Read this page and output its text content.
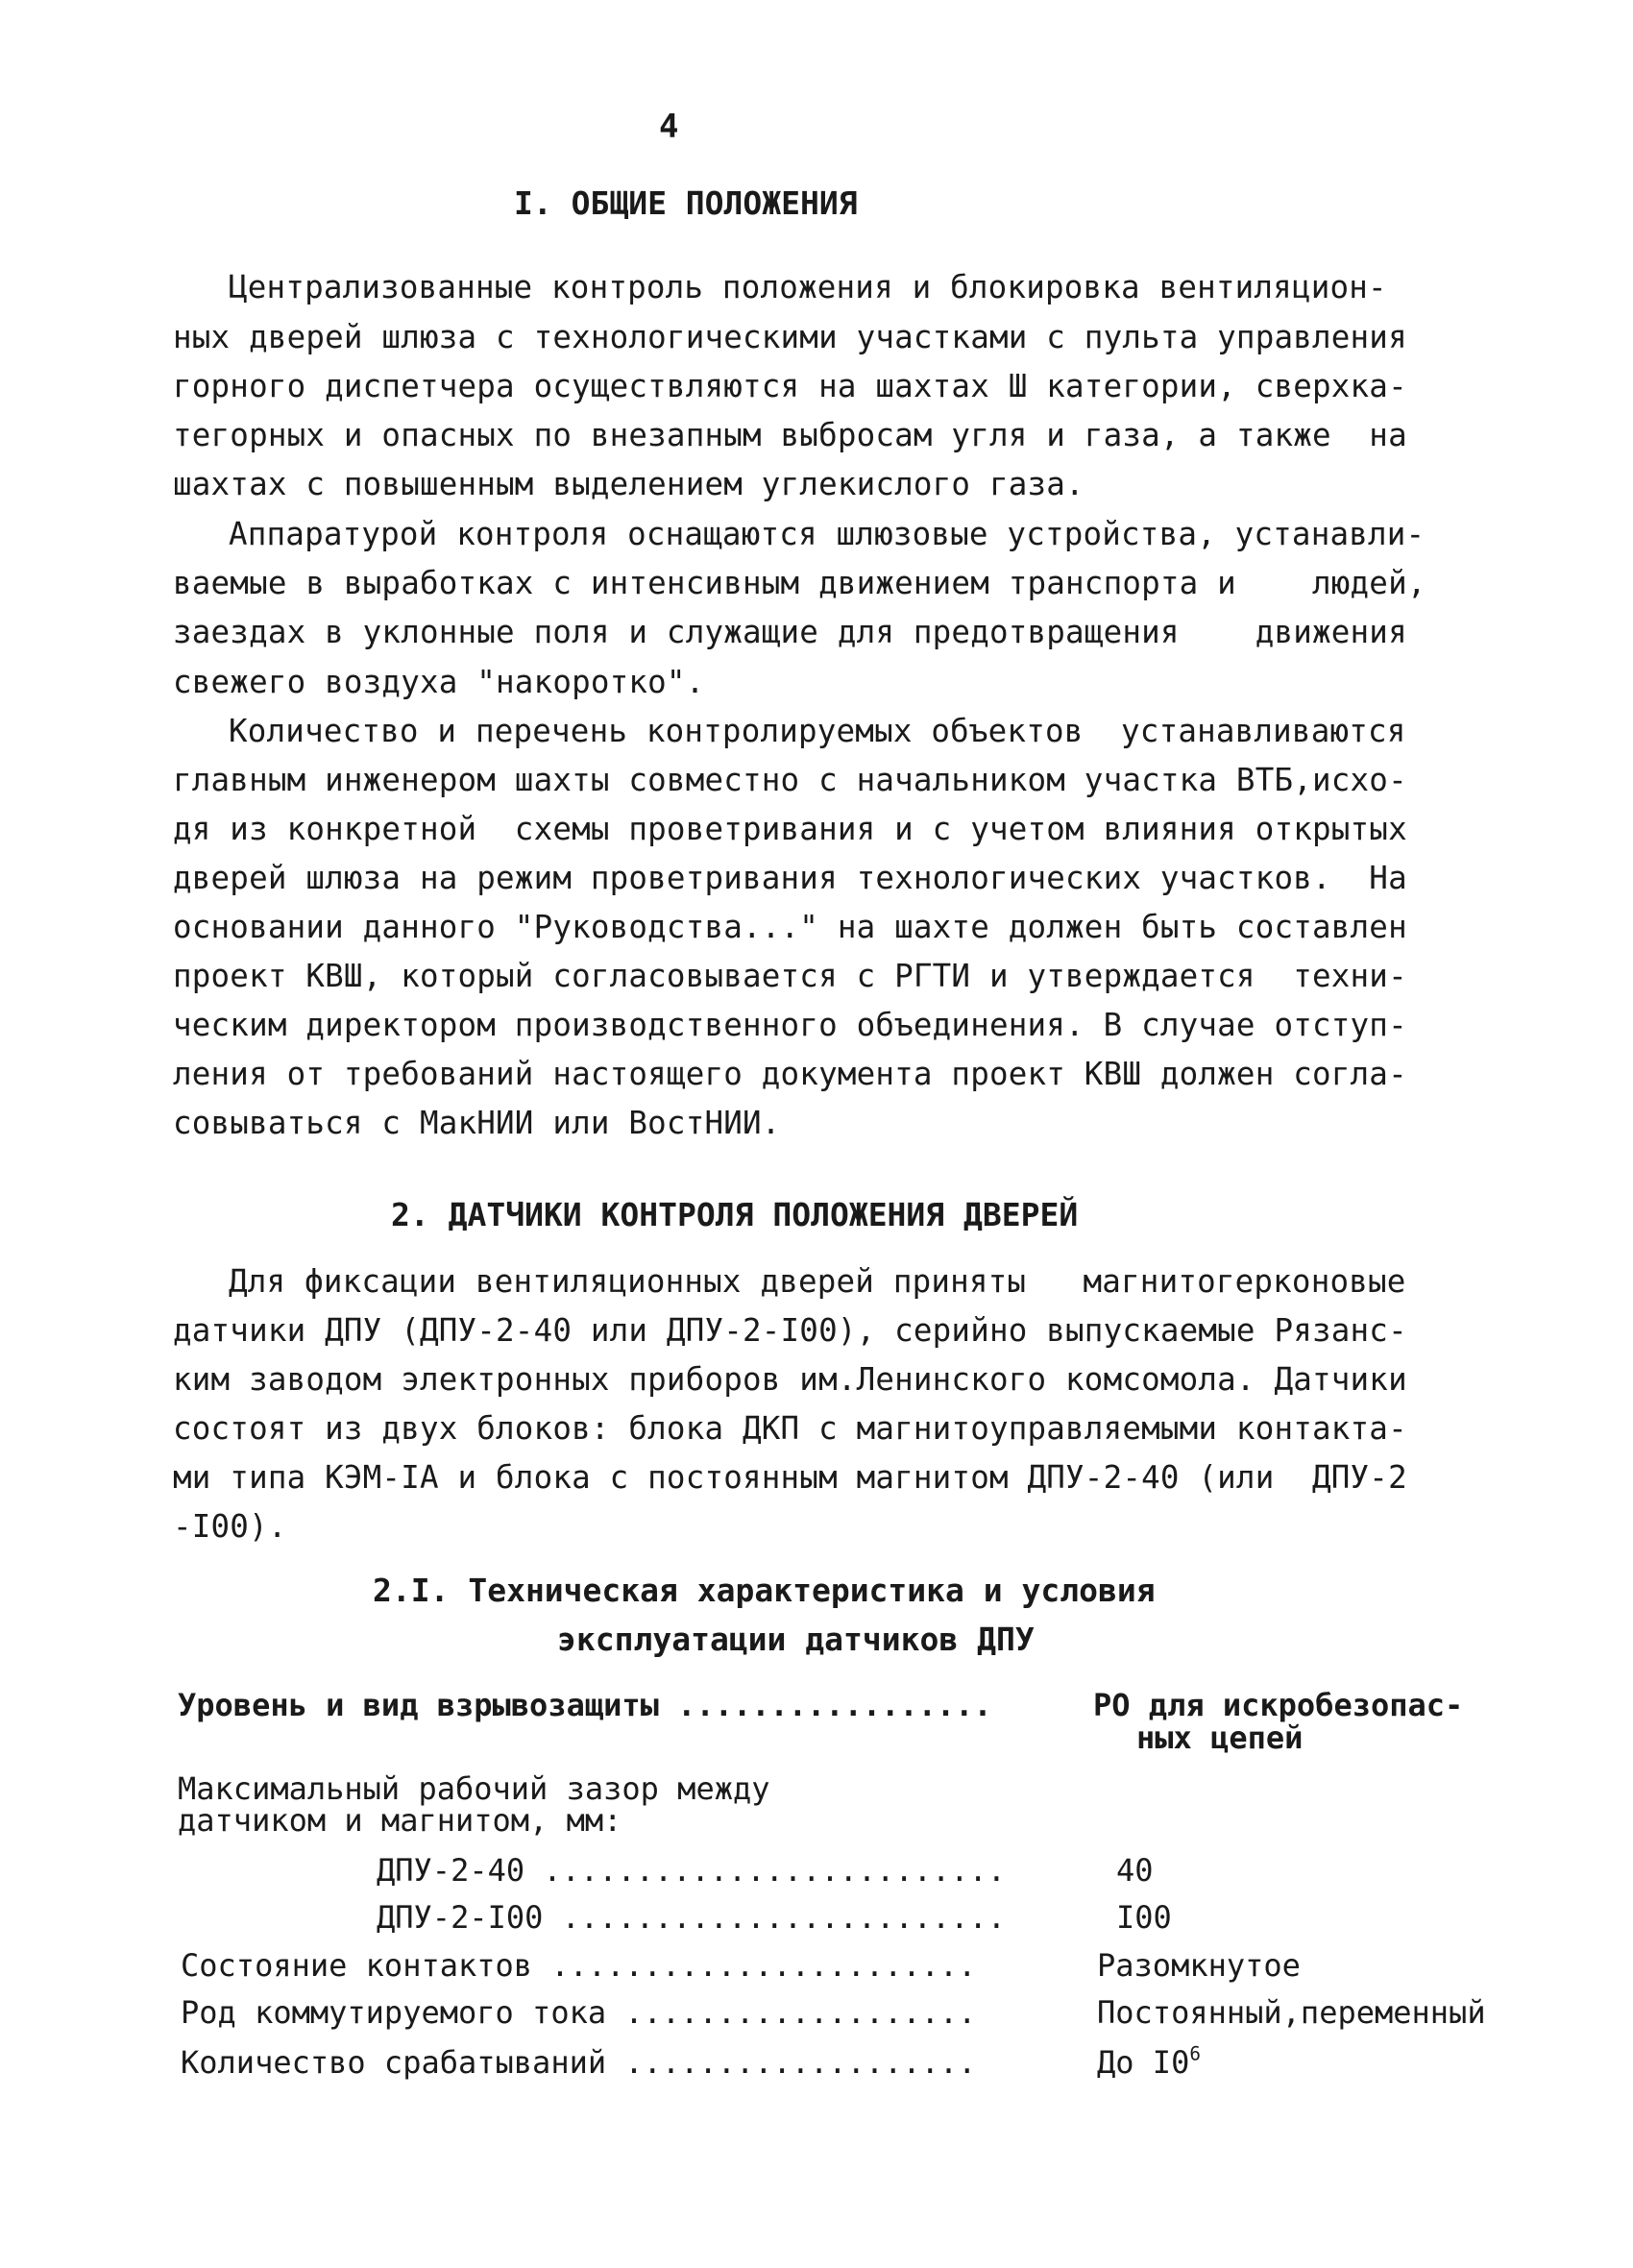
4
I. ОБЩИЕ ПОЛОЖЕНИЯ
Централизованные контроль положения и блокировка вентиляцион-
ных дверей шлюза с технологическими участками с пульта управления
горного диспетчера осуществляются на шахтах Ш категории, сверхка-
тегорных и опасных по внезапным выбросам угля и газа, а также  на
шахтах с повышенным выделением углекислого газа.
Аппаратурой контроля оснащаются шлюзовые устройства, устанавли-
ваемые в выработках с интенсивным движением транспорта и    людей,
заездах в уклонные поля и служащие для предотвращения    движения
свежего воздуха "накоротко".
Количество и перечень контролируемых объектов  устанавливаются
главным инженером шахты совместно с начальником участка ВТБ,исхо-
дя из конкретной  схемы проветривания и с учетом влияния открытых
дверей шлюза на режим проветривания технологических участков.  На
основании данного "Руководства..." на шахте должен быть составлен
проект КВШ, который согласовывается с РГТИ и утверждается  техни-
ческим директором производственного объединения. В случае отступ-
ления от требований настоящего документа проект КВШ должен согла-
совываться с МакНИИ или ВостНИИ.
2. ДАТЧИКИ КОНТРОЛЯ ПОЛОЖЕНИЯ ДВЕРЕЙ
Для фиксации вентиляционных дверей приняты   магнитогерконовые
датчики ДПУ (ДПУ-2-40 или ДПУ-2-I00), серийно выпускаемые Рязанс-
ким заводом электронных приборов им.Ленинского комсомола. Датчики
состоят из двух блоков: блока ДКП с магнитоуправляемыми контакта-
ми типа КЭМ-IА и блока с постоянным магнитом ДПУ-2-40 (или  ДПУ-2
-I00).
2.I. Техническая характеристика и условия
эксплуатации датчиков ДПУ
Уровень и вид взрывозащиты .................	РО для искробезопас-
ных цепей
Максимальный рабочий зазор между
датчиком и магнитом, мм:
ДПУ-2-40 .........................	40
ДПУ-2-I00 ........................	I00
Состояние контактов .......................	Разомкнутое
Род коммутируемого тока ...................	Постоянный,переменный
Количество срабатываний ...................	До $I0^6$
